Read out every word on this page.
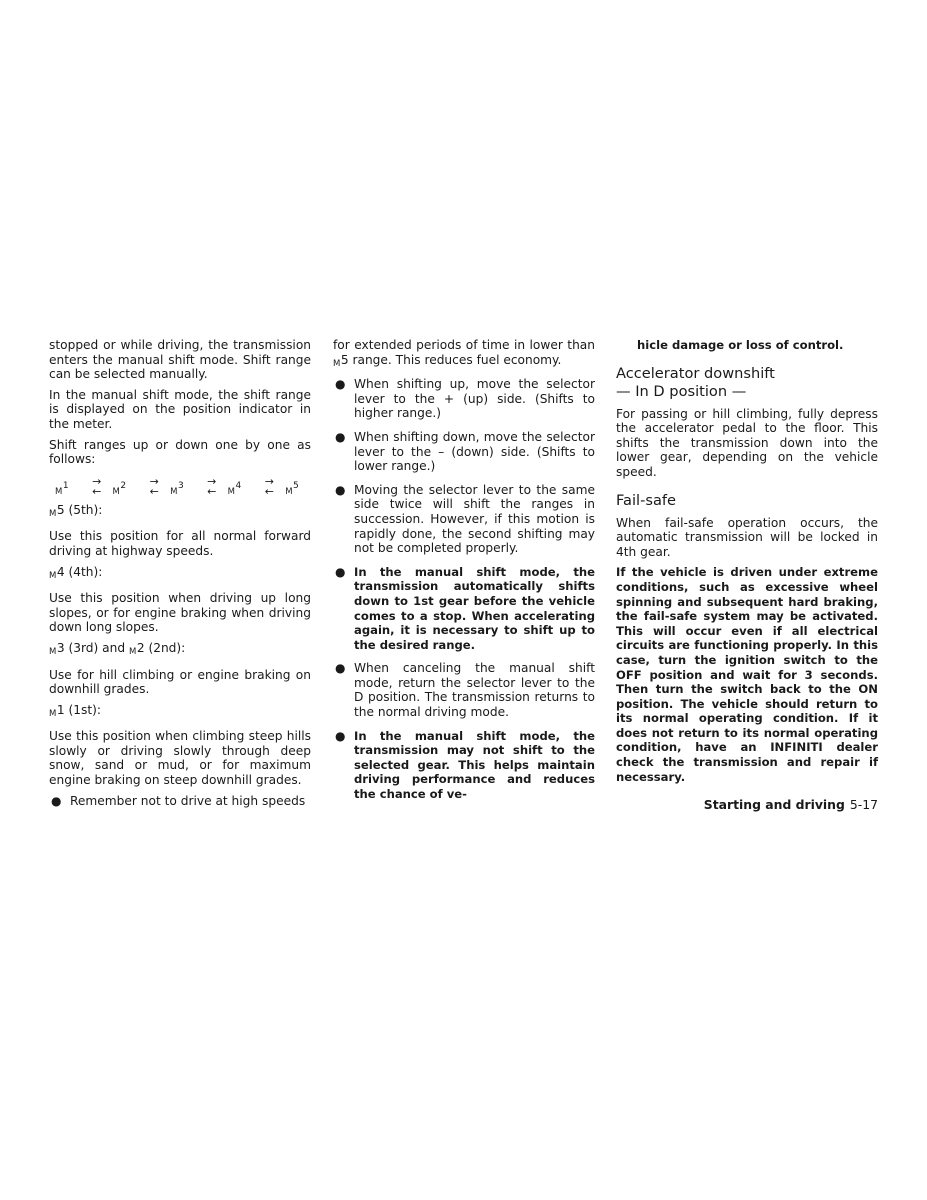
stopped or while driving, the transmission enters the manual shift mode. Shift range can be selected manually.

In the manual shift mode, the shift range is displayed on the position indicator in the meter.

Shift ranges up or down one by one as follows:

$_M^1$	→
← $_M^2$	→
← $_M^3$	→
← $_M^4$	→
← $_M^5$

$_M$5 (5th):

Use this position for all normal forward driving at highway speeds.

$_M$4 (4th):

Use this position when driving up long slopes, or for engine braking when driving down long slopes.

$_M$3 (3rd) and $_M$2 (2nd):

Use for hill climbing or engine braking on downhill grades.

$_M$1 (1st):

Use this position when climbing steep hills slowly or driving slowly through deep snow, sand or mud, or for maximum engine braking on steep downhill grades.

● Remember not to drive at high speeds

for extended periods of time in lower than $_M$5 range. This reduces fuel economy.

● When shifting up, move the selector lever to the + (up) side. (Shifts to higher range.)

● When shifting down, move the selector lever to the – (down) side. (Shifts to lower range.)

● Moving the selector lever to the same side twice will shift the ranges in succession. However, if this motion is rapidly done, the second shifting may not be completed properly.

● In the manual shift mode, the transmission automatically shifts down to 1st gear before the vehicle comes to a stop. When accelerating again, it is necessary to shift up to the desired range.

● When canceling the manual shift mode, return the selector lever to the D position. The transmission returns to the normal driving mode.

● In the manual shift mode, the transmission may not shift to the selected gear. This helps maintain driving performance and reduces the chance of ve-

hicle damage or loss of control.

Accelerator downshift
— In D position —

For passing or hill climbing, fully depress the accelerator pedal to the floor. This shifts the transmission down into the lower gear, depending on the vehicle speed.

Fail-safe

When fail-safe operation occurs, the automatic transmission will be locked in 4th gear.

If the vehicle is driven under extreme conditions, such as excessive wheel spinning and subsequent hard braking, the fail-safe system may be activated. This will occur even if all electrical circuits are functioning properly. In this case, turn the ignition switch to the OFF position and wait for 3 seconds. Then turn the switch back to the ON position. The vehicle should return to its normal operating condition. If it does not return to its normal operating condition, have an INFINITI dealer check the transmission and repair if necessary.

Starting and driving 5-17
